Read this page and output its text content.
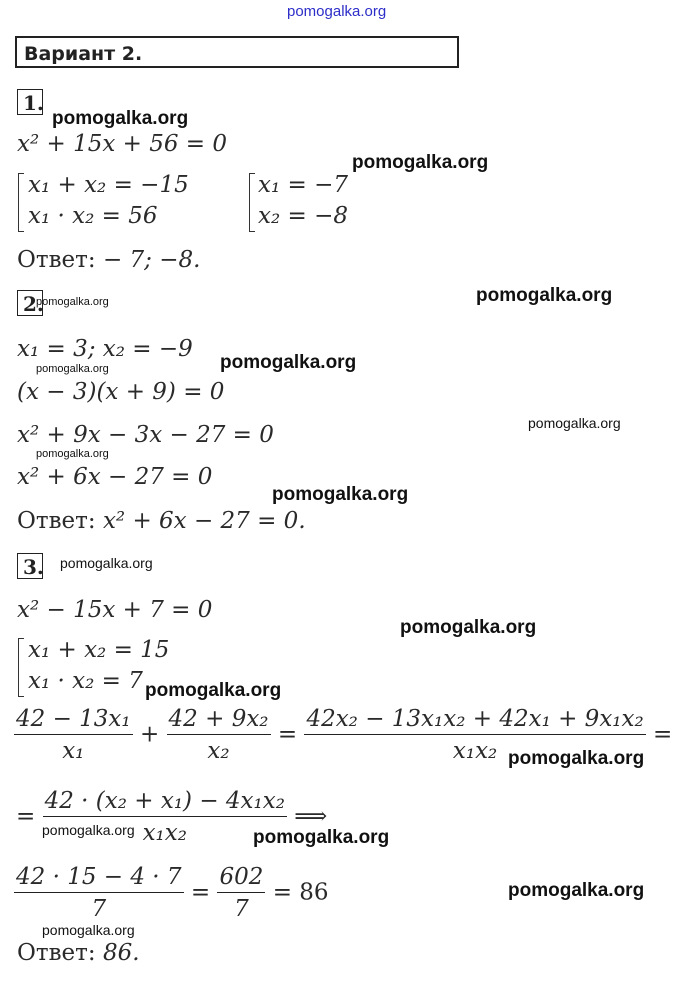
pomogalka.org
pomogalka.org
pomogalka.org
pomogalka.org
pomogalka.org
pomogalka.org
pomogalka.org
pomogalka.org
pomogalka.org
pomogalka.org
pomogalka.org
pomogalka.org
pomogalka.org
pomogalka.org
pomogalka.org	pomogalka.org
pomogalka.org
pomogalka.org
Вариант 2.
1.
x² + 15x + 56 = 0
x₁ + x₂ = −15
x₁ · x₂ = 56
x₁ = −7
x₂ = −8
Ответ: − 7; −8.
2.
x₁ = 3; x₂ = −9
(x − 3)(x + 9) = 0
x² + 9x − 3x − 27 = 0
x² + 6x − 27 = 0
Ответ: x² + 6x − 27 = 0.
3.
x² − 15x + 7 = 0
x₁ + x₂ = 15
x₁ · x₂ = 7
$\frac{\text{42 − 13x₁}}{\text{x₁}} + \frac{\text{42 + 9x₂}}{\text{x₂}} = \frac{\text{42x₂ − 13x₁x₂ + 42x₁ + 9x₁x₂}}{\text{x₁x₂}}$ =
= $\frac{\text{42 · (x₂ + x₁) − 4x₁x₂}}{\text{x₁x₂}}$ ⟹
$\frac{42 \cdot 15 - 4 \cdot 7}{7} = \frac{602}{7} = 86$
Ответ: 86.
